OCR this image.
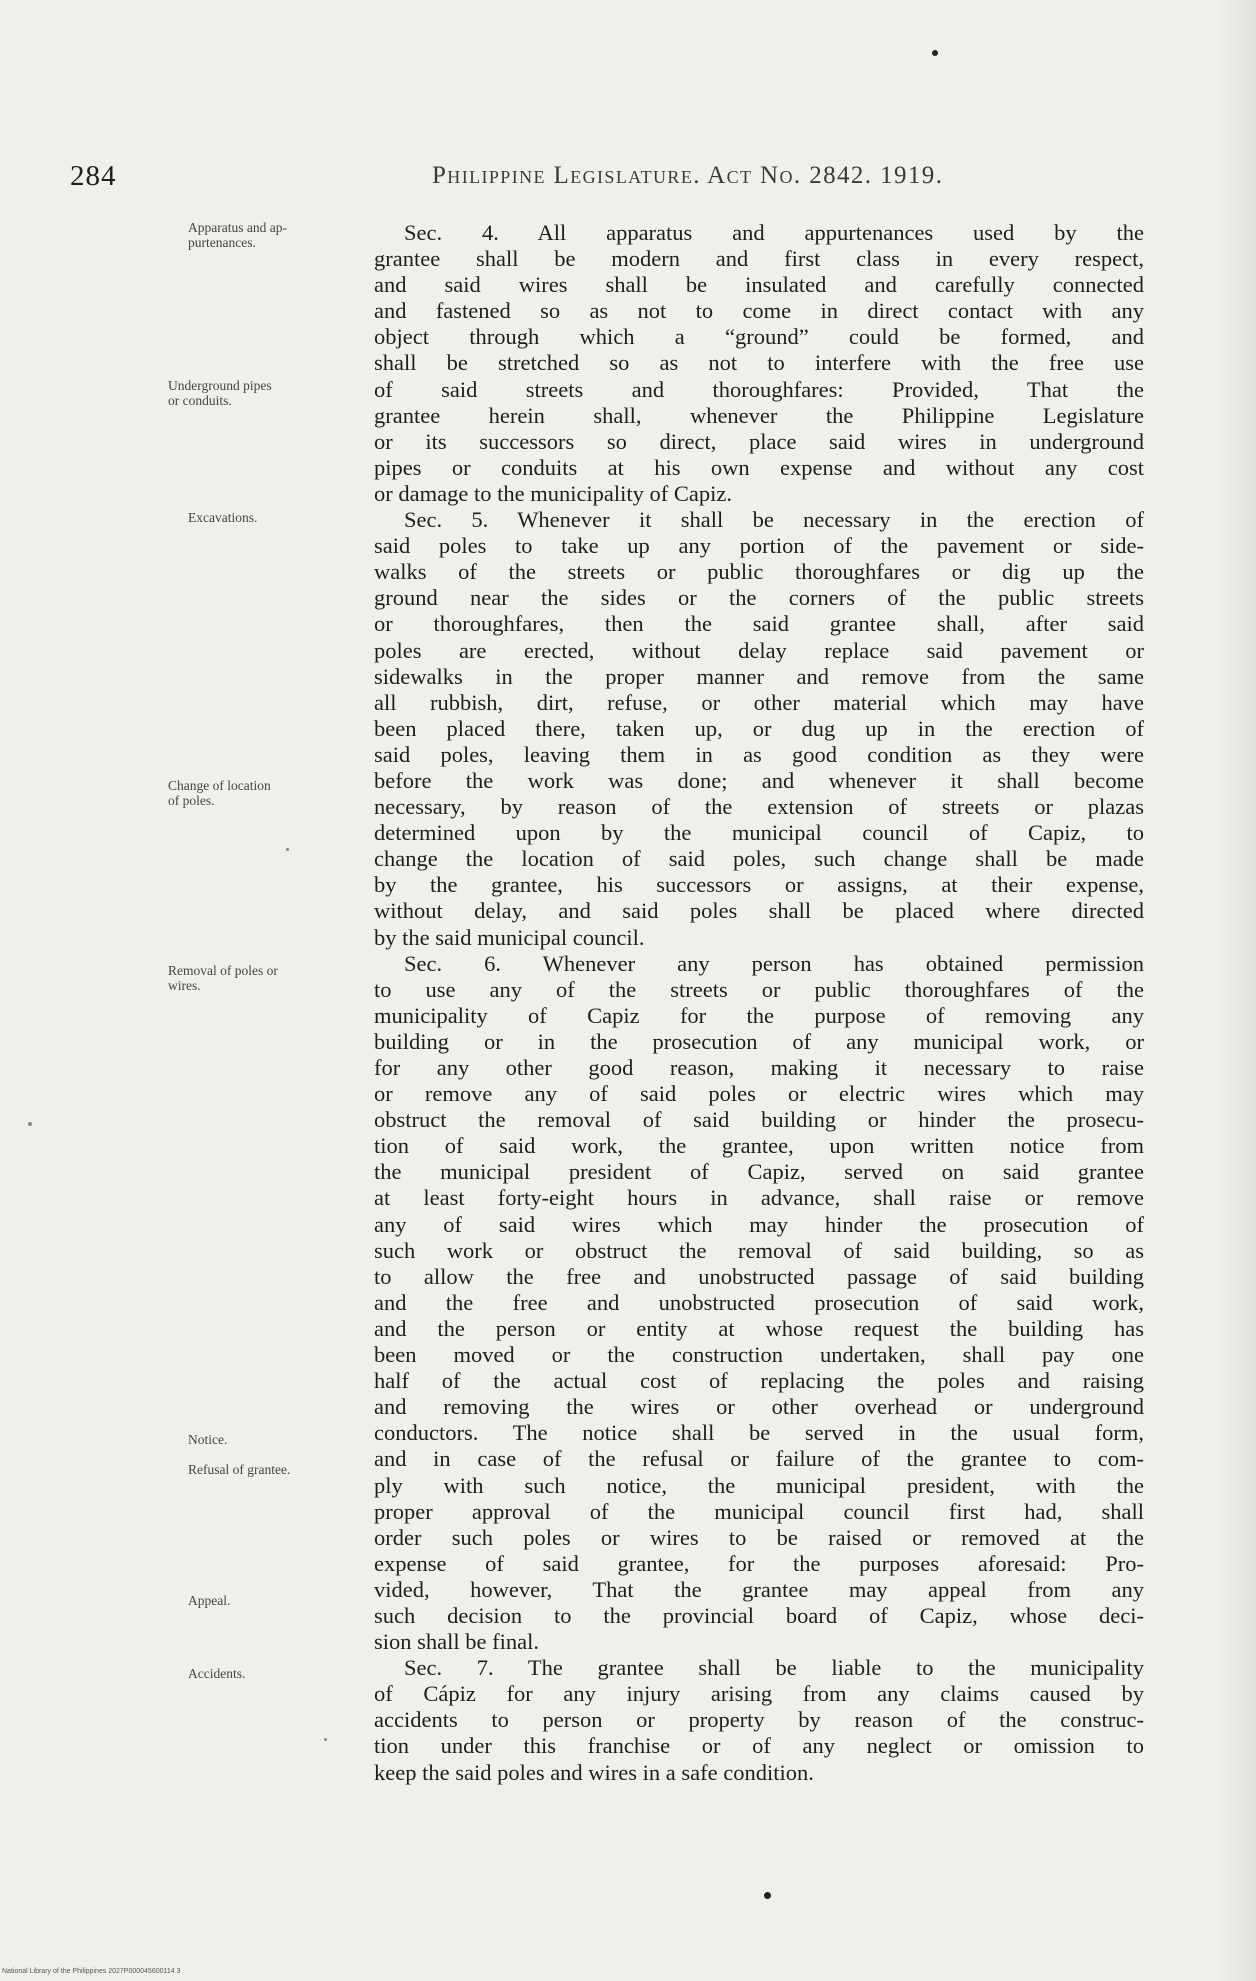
284	Philippine Legislature. Act No. 2842. 1919.
Apparatus and ap-
purtenances.
Underground pipes
or conduits.
Excavations.
Change of location
of poles.
Removal of poles or
wires.
Notice.
Refusal of grantee.
Appeal.
Accidents.
Sec. 4. All apparatus and appurtenances used by the
grantee shall be modern and first class in every respect,
and said wires shall be insulated and carefully connected
and fastened so as not to come in direct contact with any
object through which a “ground” could be formed, and
shall be stretched so as not to interfere with the free use
of said streets and thoroughfares: Provided, That the
grantee herein shall, whenever the Philippine Legislature
or its successors so direct, place said wires in underground
pipes or conduits at his own expense and without any cost
or damage to the municipality of Capiz.
Sec. 5. Whenever it shall be necessary in the erection of
said poles to take up any portion of the pavement or side-
walks of the streets or public thoroughfares or dig up the
ground near the sides or the corners of the public streets
or thoroughfares, then the said grantee shall, after said
poles are erected, without delay replace said pavement or
sidewalks in the proper manner and remove from the same
all rubbish, dirt, refuse, or other material which may have
been placed there, taken up, or dug up in the erection of
said poles, leaving them in as good condition as they were
before the work was done; and whenever it shall become
necessary, by reason of the extension of streets or plazas
determined upon by the municipal council of Capiz, to
change the location of said poles, such change shall be made
by the grantee, his successors or assigns, at their expense,
without delay, and said poles shall be placed where directed
by the said municipal council.
Sec. 6. Whenever any person has obtained permission
to use any of the streets or public thoroughfares of the
municipality of Capiz for the purpose of removing any
building or in the prosecution of any municipal work, or
for any other good reason, making it necessary to raise
or remove any of said poles or electric wires which may
obstruct the removal of said building or hinder the prosecu-
tion of said work, the grantee, upon written notice from
the municipal president of Capiz, served on said grantee
at least forty-eight hours in advance, shall raise or remove
any of said wires which may hinder the prosecution of
such work or obstruct the removal of said building, so as
to allow the free and unobstructed passage of said building
and the free and unobstructed prosecution of said work,
and the person or entity at whose request the building has
been moved or the construction undertaken, shall pay one
half of the actual cost of replacing the poles and raising
and removing the wires or other overhead or underground
conductors. The notice shall be served in the usual form,
and in case of the refusal or failure of the grantee to com-
ply with such notice, the municipal president, with the
proper approval of the municipal council first had, shall
order such poles or wires to be raised or removed at the
expense of said grantee, for the purposes aforesaid: Pro-
vided, however, That the grantee may appeal from any
such decision to the provincial board of Capiz, whose deci-
sion shall be final.
Sec. 7. The grantee shall be liable to the municipality
of Cápiz for any injury arising from any claims caused by
accidents to person or property by reason of the construc-
tion under this franchise or of any neglect or omission to
keep the said poles and wires in a safe condition.
National Library of the Philippines 2027P000045600114 3
